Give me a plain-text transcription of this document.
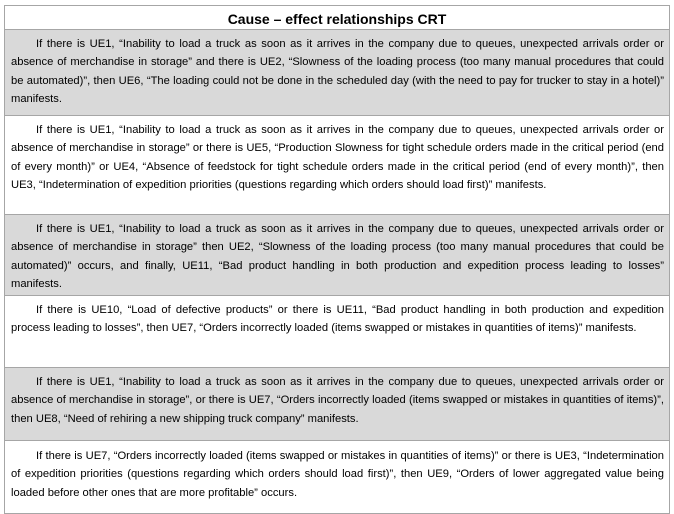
Cause – effect relationships CRT
If there is UE1, “Inability to load a truck as soon as it arrives in the company due to queues, unexpected arrivals order or absence of merchandise in storage” and there is UE2, “Slowness of the loading process (too many manual procedures that could be automated)”, then UE6, “The loading could not be done in the scheduled day (with the need to pay for trucker to stay in a hotel)” manifests.
If there is UE1, “Inability to load a truck as soon as it arrives in the company due to queues, unexpected arrivals order or absence of merchandise in storage” or there is UE5, “Production Slowness for tight schedule orders made in the critical period (end of every month)” or UE4, “Absence of feedstock for tight schedule orders made in the critical period (end of every month)”, then UE3, “Indetermination of expedition priorities (questions regarding which orders should load first)” manifests.
If there is UE1, “Inability to load a truck as soon as it arrives in the company due to queues, unexpected arrivals order or absence of merchandise in storage” then UE2, “Slowness of the loading process (too many manual procedures that could be automated)” occurs, and finally, UE11, “Bad product handling in both production and expedition process leading to losses” manifests.
If there is UE10, “Load of defective products” or there is UE11, “Bad product handling in both production and expedition process leading to losses”, then UE7, “Orders incorrectly loaded (items swapped or mistakes in quantities of items)” manifests.
If there is UE1, “Inability to load a truck as soon as it arrives in the company due to queues, unexpected arrivals order or absence of merchandise in storage”, or there is UE7, “Orders incorrectly loaded (items swapped or mistakes in quantities of items)”, then UE8, “Need of rehiring a new shipping truck company” manifests.
If there is UE7, “Orders incorrectly loaded (items swapped or mistakes in quantities of items)” or there is UE3, “Indetermination of expedition priorities (questions regarding which orders should load first)”, then UE9, “Orders of lower aggregated value being loaded before other ones that are more profitable” occurs.
